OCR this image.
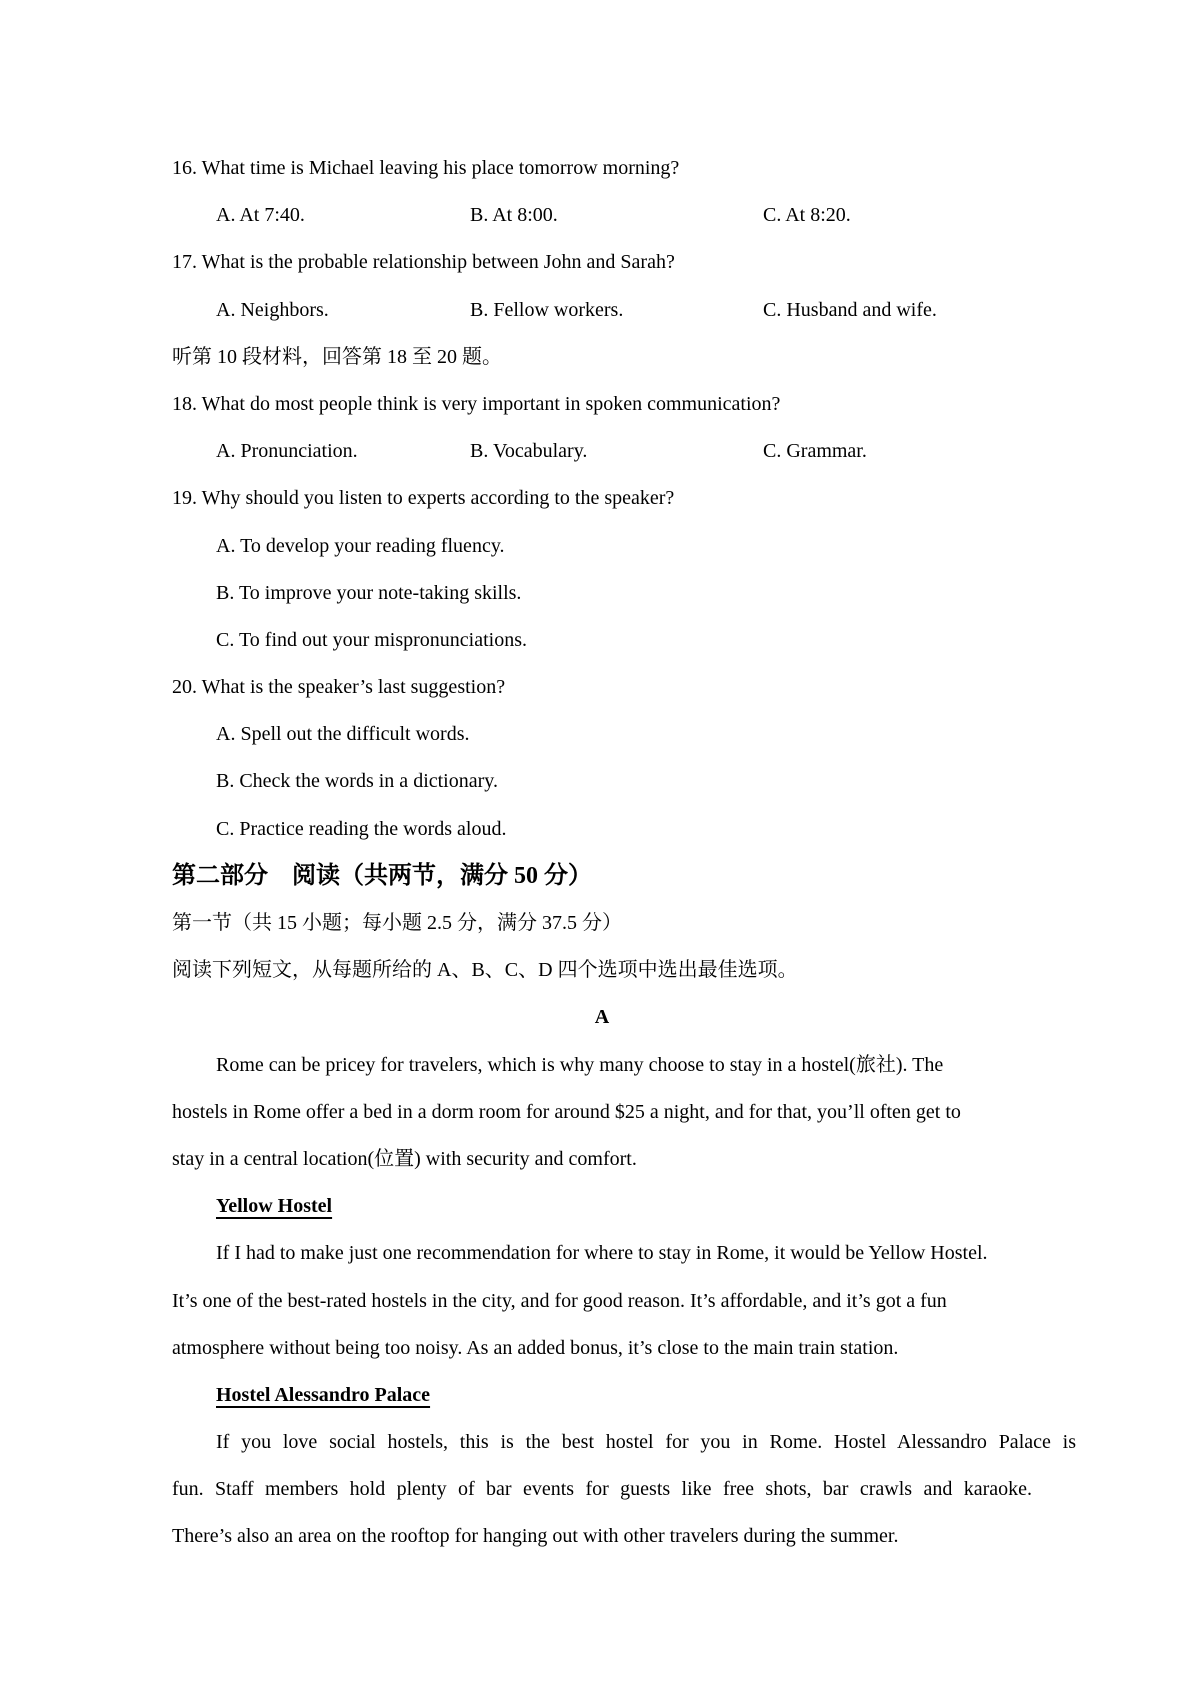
16. What time is Michael leaving his place tomorrow morning?
A. At 7:40.	B. At 8:00.	C. At 8:20.
17. What is the probable relationship between John and Sarah?
A. Neighbors.	B. Fellow workers.	C. Husband and wife.
听第 10 段材料，回答第 18 至 20 题。
18. What do most people think is very important in spoken communication?
A. Pronunciation.	B. Vocabulary.	C. Grammar.
19. Why should you listen to experts according to the speaker?
A. To develop your reading fluency.
B. To improve your note-taking skills.
C. To find out your mispronunciations.
20. What is the speaker’s last suggestion?
A. Spell out the difficult words.
B. Check the words in a dictionary.
C. Practice reading the words aloud.
第二部分　阅读（共两节，满分 50 分）
第一节（共 15 小题；每小题 2.5 分，满分 37.5 分）
阅读下列短文，从每题所给的 A、B、C、D 四个选项中选出最佳选项。
A
Rome can be pricey for travelers, which is why many choose to stay in a hostel(旅社). The
hostels in Rome offer a bed in a dorm room for around $25 a night, and for that, you’ll often get to
stay in a central location(位置) with security and comfort.
Yellow Hostel
If I had to make just one recommendation for where to stay in Rome, it would be Yellow Hostel.
It’s one of the best-rated hostels in the city, and for good reason. It’s affordable, and it’s got a fun
atmosphere without being too noisy. As an added bonus, it’s close to the main train station.
Hostel Alessandro Palace
If you love social hostels, this is the best hostel for you in Rome. Hostel Alessandro Palace is
fun. Staff members hold plenty of bar events for guests like free shots, bar crawls and karaoke.
There’s also an area on the rooftop for hanging out with other travelers during the summer.
